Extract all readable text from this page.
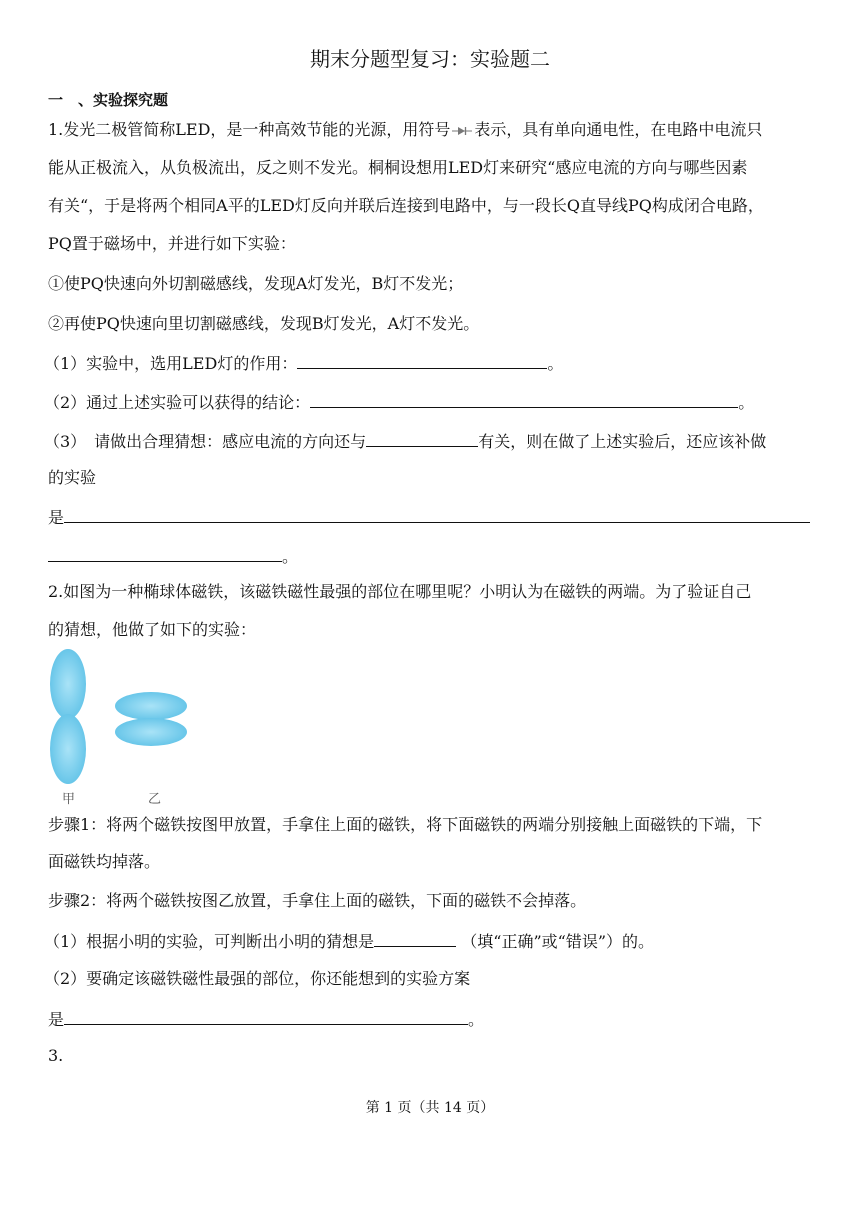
期末分题型复习：实验题二
一　、实验探究题
1.发光二极管简称LED，是一种高效节能的光源，用符号 表示，具有单向通电性，在电路中电流只
能从正极流入，从负极流出，反之则不发光。桐桐设想用LED灯来研究“感应电流的方向与哪些因素
有关“，于是将两个相同A平的LED灯反向并联后连接到电路中，与一段长Q直导线PQ构成闭合电路，
PQ置于磁场中，并进行如下实验：
①使PQ快速向外切割磁感线，发现A灯发光，B灯不发光；
②再使PQ快速向里切割磁感线，发现B灯发光，A灯不发光。
（1）实验中，选用LED灯的作用：	。
（2）通过上述实验可以获得的结论：	。
（3）　请做出合理猜想：感应电流的方向还与	有关，则在做了上述实验后，还应该补做
的实验
是
。
2.如图为一种椭球体磁铁，该磁铁磁性最强的部位在哪里呢？小明认为在磁铁的两端。为了验证自己
的猜想，他做了如下的实验：
甲	乙
步骤1：将两个磁铁按图甲放置，手拿住上面的磁铁，将下面磁铁的两端分别接触上面磁铁的下端，下
面磁铁均掉落。
步骤2：将两个磁铁按图乙放置，手拿住上面的磁铁，下面的磁铁不会掉落。
（1）根据小明的实验，可判断出小明的猜想是	（填“正确”或“错误”）的。
（2）要确定该磁铁磁性最强的部位，你还能想到的实验方案
是	。
3.
第 1 页（共 14 页）
